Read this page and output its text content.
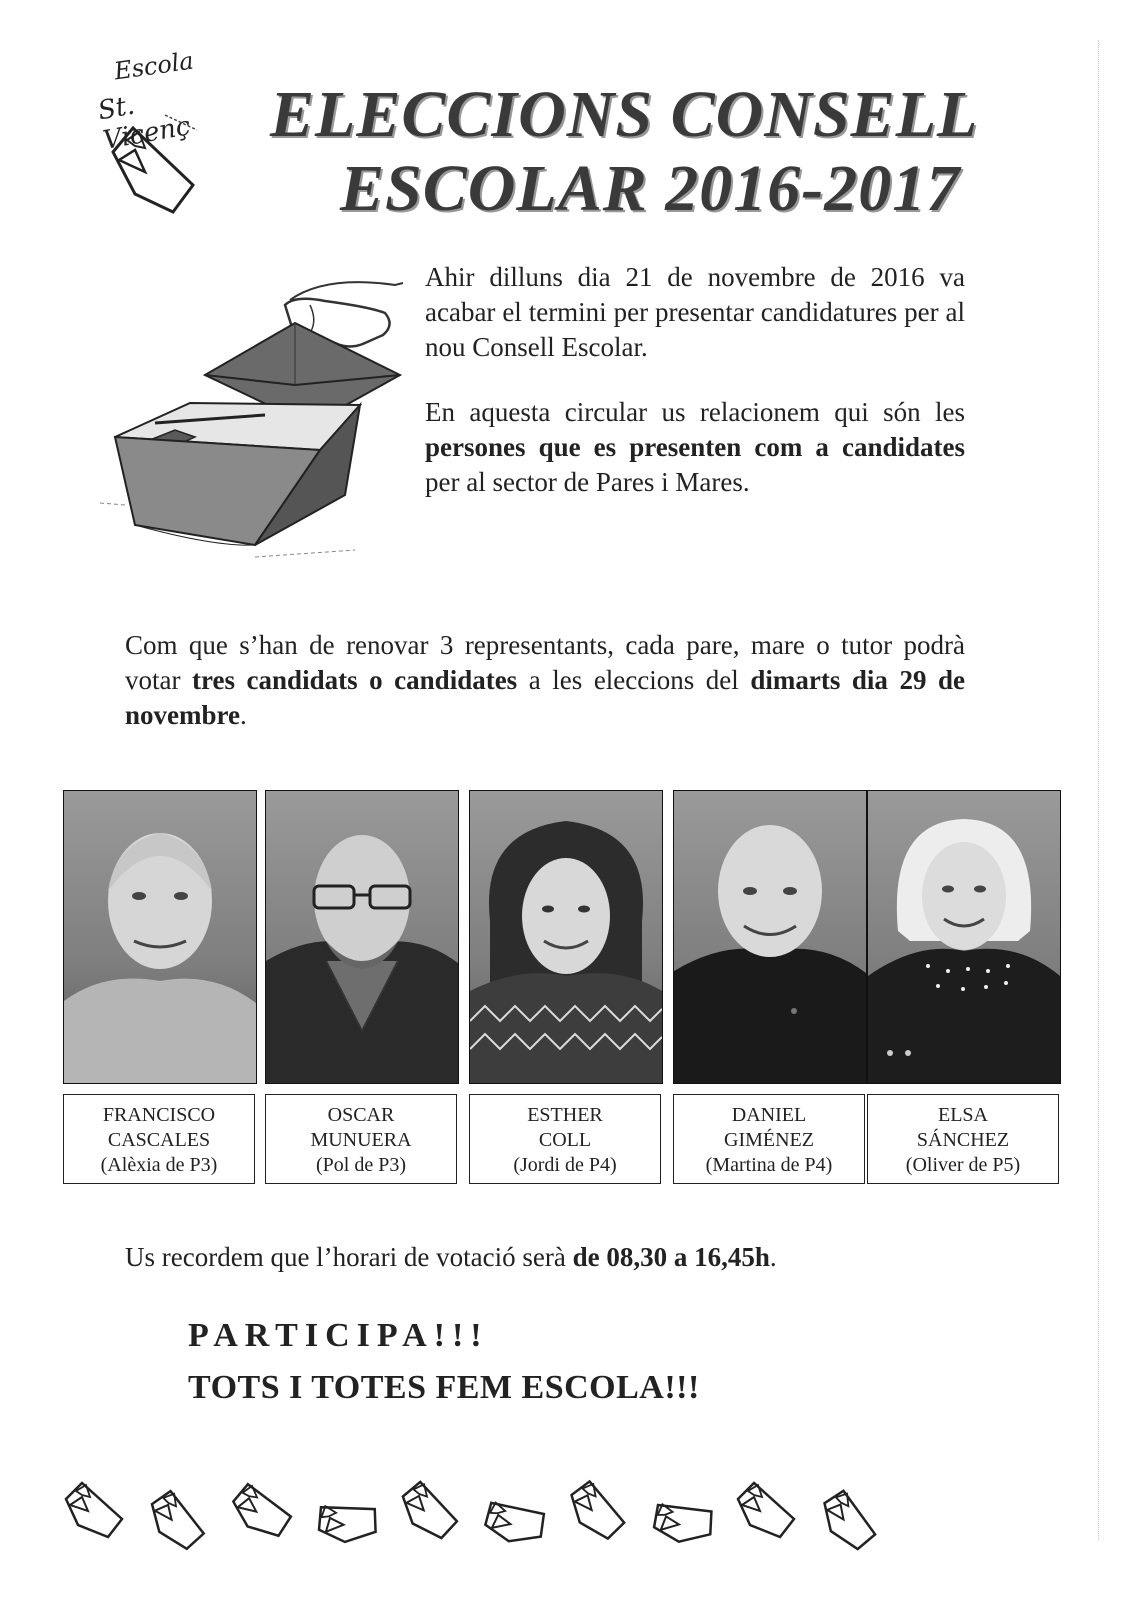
Escola
St. Vicenç	ELECCIONS CONSELL
ESCOLAR 2016-2017

Ahir dilluns dia 21 de novembre de 2016 va acabar el termini per presentar candidatures per al nou Consell Escolar.

En aquesta circular us relacionem qui són les persones que es presenten com a candidates per al sector de Pares i Mares.

Com que s’han de renovar 3 representants, cada pare, mare o tutor podrà votar tres candidats o candidates a les eleccions del dimarts dia 29 de novembre.

FRANCISCO
CASCALES
(Alèxia de P3)
OSCAR
MUNUERA
(Pol de P3)
ESTHER
COLL
(Jordi de P4)
DANIEL
GIMÉNEZ
(Martina de P4)
ELSA
SÁNCHEZ
(Oliver de P5)
Us recordem que l’horari de votació serà de 08,30 a 16,45h.
PARTICIPA!!!
TOTS I TOTES FEM ESCOLA!!!
